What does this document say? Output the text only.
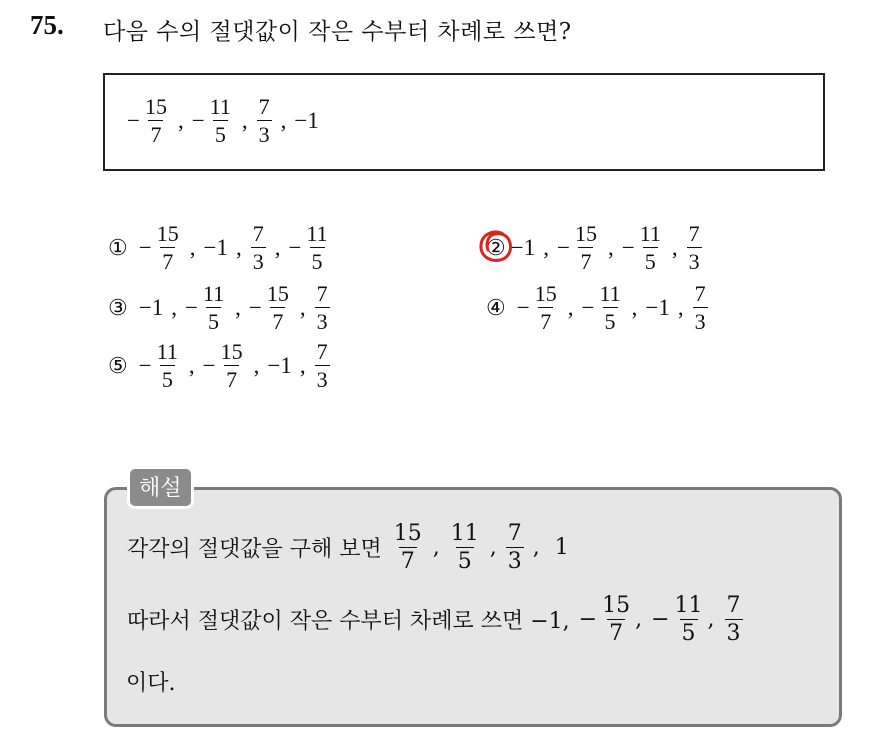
75. 다음 수의 절댓값이 작은 수부터 차례로 쓰면?
− $\frac{15}{7}$ , − $\frac{11}{5}$ , $\frac{7}{3}$ , −1
① − $\frac{15}{7}$ , −1 , $\frac{7}{3}$ , − $\frac{11}{5}$	② −1 , − $\frac{15}{7}$ , − $\frac{11}{5}$ , $\frac{7}{3}$
③ −1 , − $\frac{11}{5}$ , − $\frac{15}{7}$ , $\frac{7}{3}$	④ − $\frac{15}{7}$ , − $\frac{11}{5}$ , −1 , $\frac{7}{3}$
⑤ − $\frac{11}{5}$ , − $\frac{15}{7}$ , −1 , $\frac{7}{3}$
해설
각각의 절댓값을 구해 보면 $\frac{15}{7}$ , $\frac{11}{5}$ , $\frac{7}{3}$ , 1
따라서 절댓값이 작은 수부터 차례로 쓰면 −1, − $\frac{15}{7}$ , − $\frac{11}{5}$ , $\frac{7}{3}$
이다.
